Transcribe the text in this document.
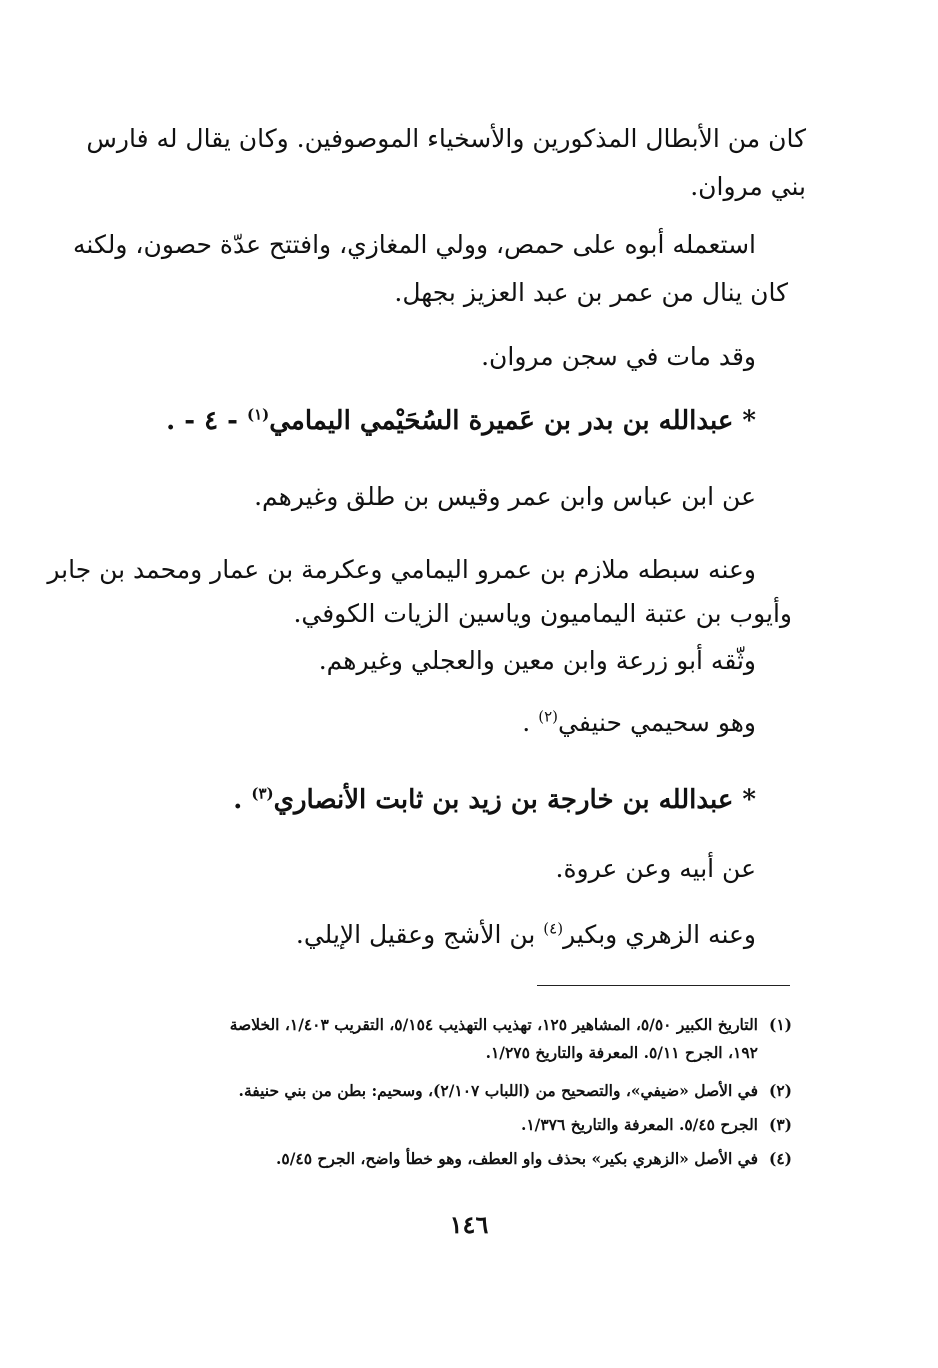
كان من الأبطال المذكورين والأسخياء الموصوفين. وكان يقال له فارس
بني مروان.
استعمله أبوه على حمص، وولي المغازي، وافتتح عدّة حصون، ولكنه
كان ينال من عمر بن عبد العزيز بجهل.
وقد مات في سجن مروان.
* عبدالله بن بدر بن عَميرة السُحَيْمي اليمامي$^{(١)}$ - ٤ - .
عن ابن عباس وابن عمر وقيس بن طلق وغيرهم.
وعنه سبطه ملازم بن عمرو اليمامي وعكرمة بن عمار ومحمد بن جابر
وأيوب بن عتبة اليماميون وياسين الزيات الكوفي.
وثّقه أبو زرعة وابن معين والعجلي وغيرهم.
وهو سحيمي حنيفي$^{(٢)}$ .
* عبدالله بن خارجة بن زيد بن ثابت الأنصاري$^{(٣)}$ .
عن أبيه وعن عروة.
وعنه الزهري وبكير$^{(٤)}$ بن الأشج وعقيل الإيلي.
(١)التاريخ الكبير ٥/٥٠، المشاهير ١٢٥، تهذيب التهذيب ٥/١٥٤، التقريب ١/٤٠٣، الخلاصة
١٩٢، الجرح ٥/١١. المعرفة والتاريخ ١/٢٧٥.
(٢)في الأصل «ضيفي»، والتصحيح من (اللباب ٢/١٠٧)، وسحيم: بطن من بني حنيفة.
(٣)الجرح ٥/٤٥. المعرفة والتاريخ ١/٣٧٦.
(٤)في الأصل «الزهري بكير» بحذف واو العطف، وهو خطأ واضح، الجرح ٥/٤٥.
١٤٦
